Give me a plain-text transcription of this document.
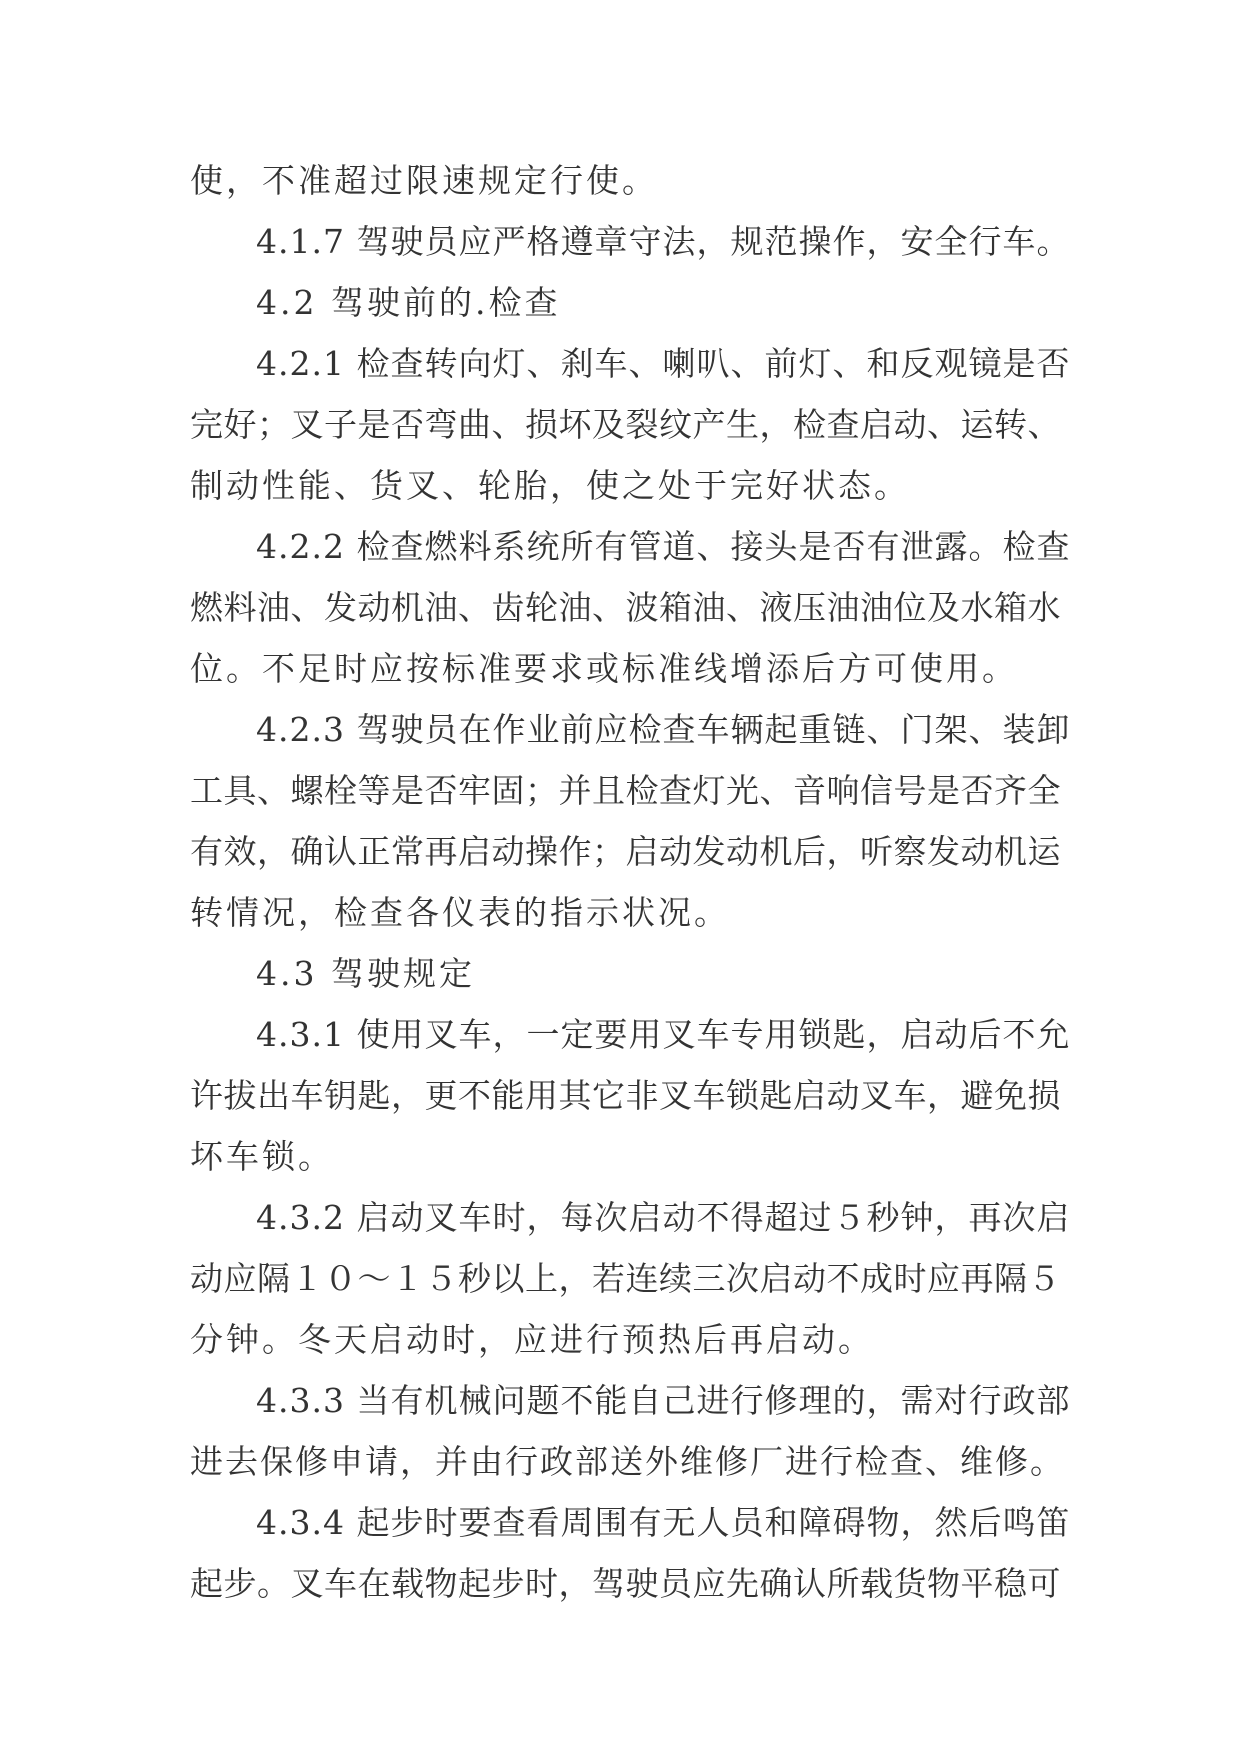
使，不准超过限速规定行使。
4.1.7 驾驶员应严格遵章守法，规范操作，安全行车。
4.2 驾驶前的.检查
4.2.1 检查转向灯、刹车、喇叭、前灯、和反观镜是否
完好；叉子是否弯曲、损坏及裂纹产生，检查启动、运转、
制动性能、货叉、轮胎，使之处于完好状态。
4.2.2 检查燃料系统所有管道、接头是否有泄露。检查
燃料油、发动机油、齿轮油、波箱油、液压油油位及水箱水
位。不足时应按标准要求或标准线增添后方可使用。
4.2.3 驾驶员在作业前应检查车辆起重链、门架、装卸
工具、螺栓等是否牢固；并且检查灯光、音响信号是否齐全
有效，确认正常再启动操作；启动发动机后，听察发动机运
转情况，检查各仪表的指示状况。
4.3 驾驶规定
4.3.1 使用叉车，一定要用叉车专用锁匙，启动后不允
许拔出车钥匙，更不能用其它非叉车锁匙启动叉车，避免损
坏车锁。
4.3.2 启动叉车时，每次启动不得超过５秒钟，再次启
动应隔１０～１５秒以上，若连续三次启动不成时应再隔５
分钟。冬天启动时，应进行预热后再启动。
4.3.3 当有机械问题不能自己进行修理的，需对行政部
进去保修申请，并由行政部送外维修厂进行检查、维修。
4.3.4 起步时要查看周围有无人员和障碍物，然后鸣笛
起步。叉车在载物起步时，驾驶员应先确认所载货物平稳可
